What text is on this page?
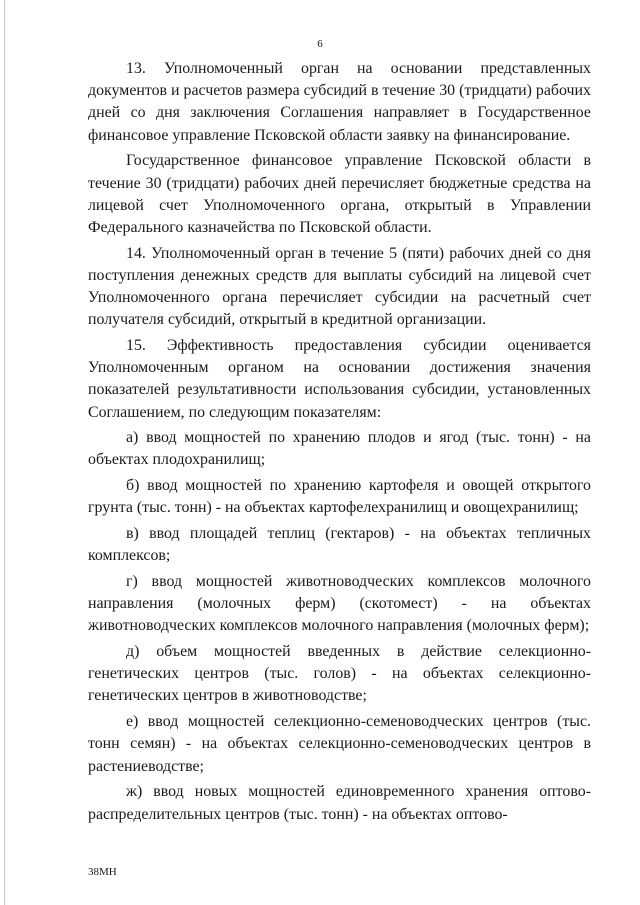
6

13. Уполномоченный орган на основании представленных документов и расчетов размера субсидий в течение 30 (тридцати) рабочих дней со дня заключения Соглашения направляет в Государственное финансовое управление Псковской области заявку на финансирование.

Государственное финансовое управление Псковской области в течение 30 (тридцати) рабочих дней перечисляет бюджетные средства на лицевой счет Уполномоченного органа, открытый в Управлении Федерального казначейства по Псковской области.

14. Уполномоченный орган в течение 5 (пяти) рабочих дней со дня поступления денежных средств для выплаты субсидий на лицевой счет Уполномоченного органа перечисляет субсидии на расчетный счет получателя субсидий, открытый в кредитной организации.

15. Эффективность предоставления субсидии оценивается Уполномоченным органом на основании достижения значения показателей результативности использования субсидии, установленных Соглашением, по следующим показателям:

а) ввод мощностей по хранению плодов и ягод (тыс. тонн) - на объектах плодохранилищ;

б) ввод мощностей по хранению картофеля и овощей открытого грунта (тыс. тонн) - на объектах картофелехранилищ и овощехранилищ;

в) ввод площадей теплиц (гектаров) - на объектах тепличных комплексов;

г) ввод мощностей животноводческих комплексов молочного направления (молочных ферм) (скотомест) - на объектах животноводческих комплексов молочного направления (молочных ферм);

д) объем мощностей введенных в действие селекционно-генетических центров (тыс. голов) - на объектах селекционно-генетических центров в животноводстве;

е) ввод мощностей селекционно-семеноводческих центров (тыс. тонн семян) - на объектах селекционно-семеноводческих центров в растениеводстве;

ж) ввод новых мощностей единовременного хранения оптово-распределительных центров (тыс. тонн) - на объектах оптово-

38МН
